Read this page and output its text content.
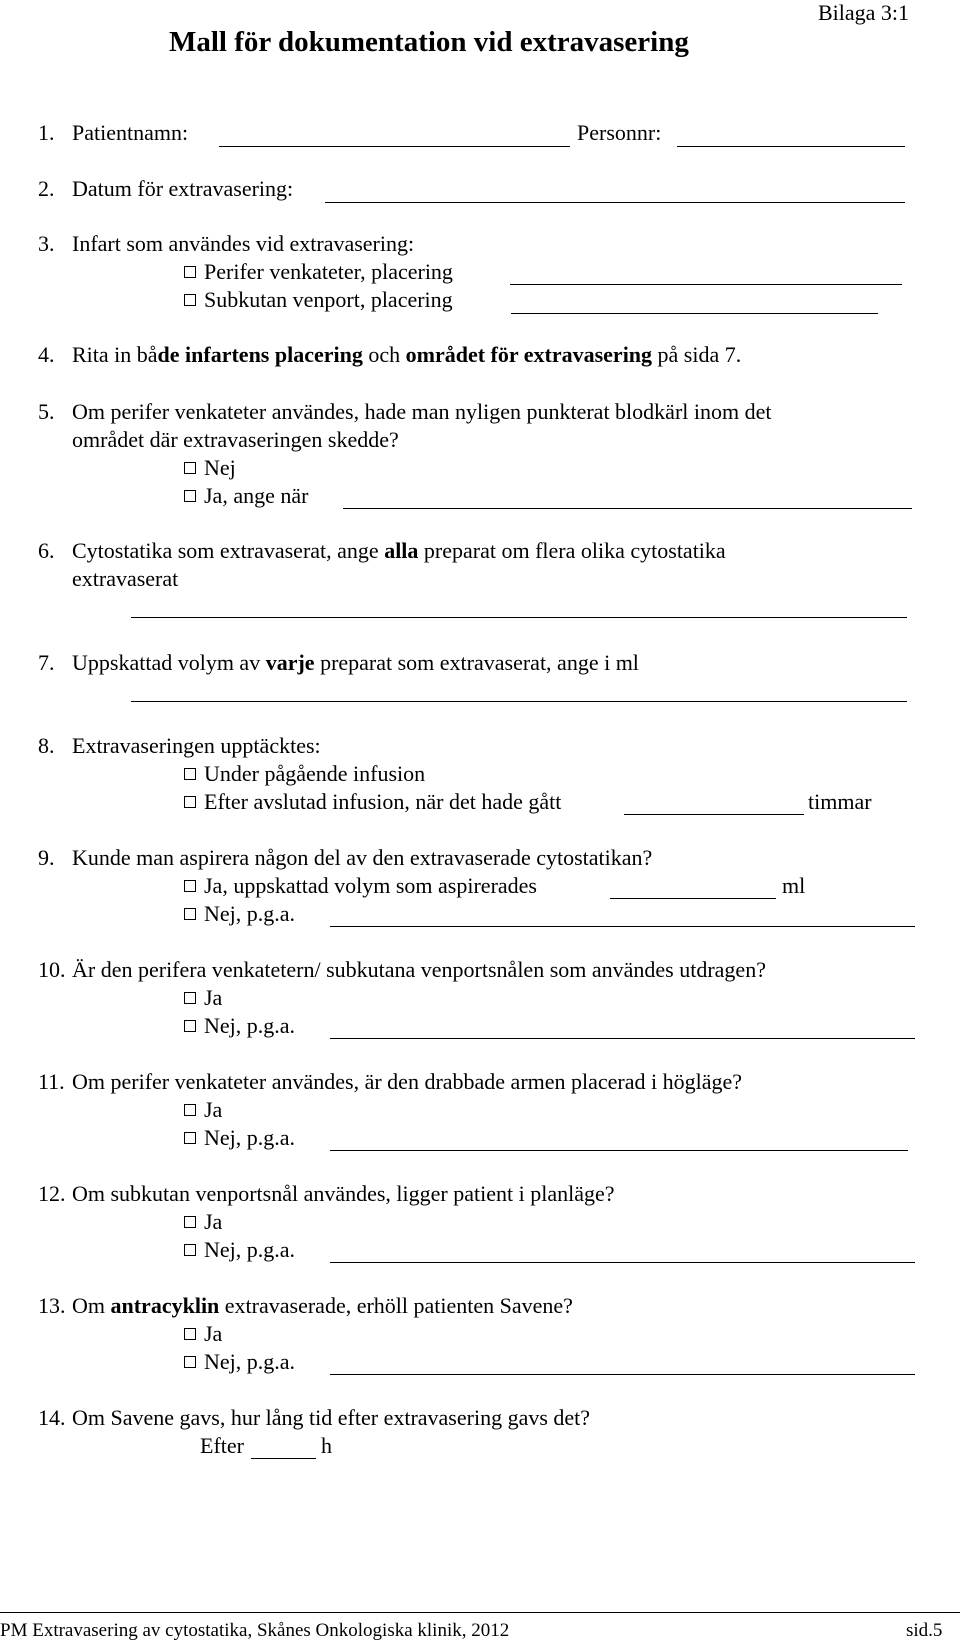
Bilaga 3:1
Mall för dokumentation vid extravasering
1. Patientnamn:	Personnr:
2. Datum för extravasering:
3. Infart som användes vid extravasering:
Perifer venkateter, placering
Subkutan venport, placering
4. Rita in både infartens placering och området för extravasering på sida 7.
5. Om perifer venkateter användes, hade man nyligen punkterat blodkärl inom det
området där extravaseringen skedde?
Nej
Ja, ange när
6. Cytostatika som extravaserat, ange alla preparat om flera olika cytostatika
extravaserat
7. Uppskattad volym av varje preparat som extravaserat, ange i ml
8. Extravaseringen upptäcktes:
Under pågående infusion
Efter avslutad infusion, när det hade gått	timmar
9. Kunde man aspirera någon del av den extravaserade cytostatikan?
Ja, uppskattad volym som aspirerades	ml
Nej, p.g.a.
10. Är den perifera venkatetern/ subkutana venportsnålen som användes utdragen?
Ja
Nej, p.g.a.
11. Om perifer venkateter användes, är den drabbade armen placerad i högläge?
Ja
Nej, p.g.a.
12. Om subkutan venportsnål användes, ligger patient i planläge?
Ja
Nej, p.g.a.
13. Om antracyklin extravaserade, erhöll patienten Savene?
Ja
Nej, p.g.a.
14. Om Savene gavs, hur lång tid efter extravasering gavs det?
Efter	h
PM Extravasering av cytostatika, Skånes Onkologiska klinik, 2012	sid.5
